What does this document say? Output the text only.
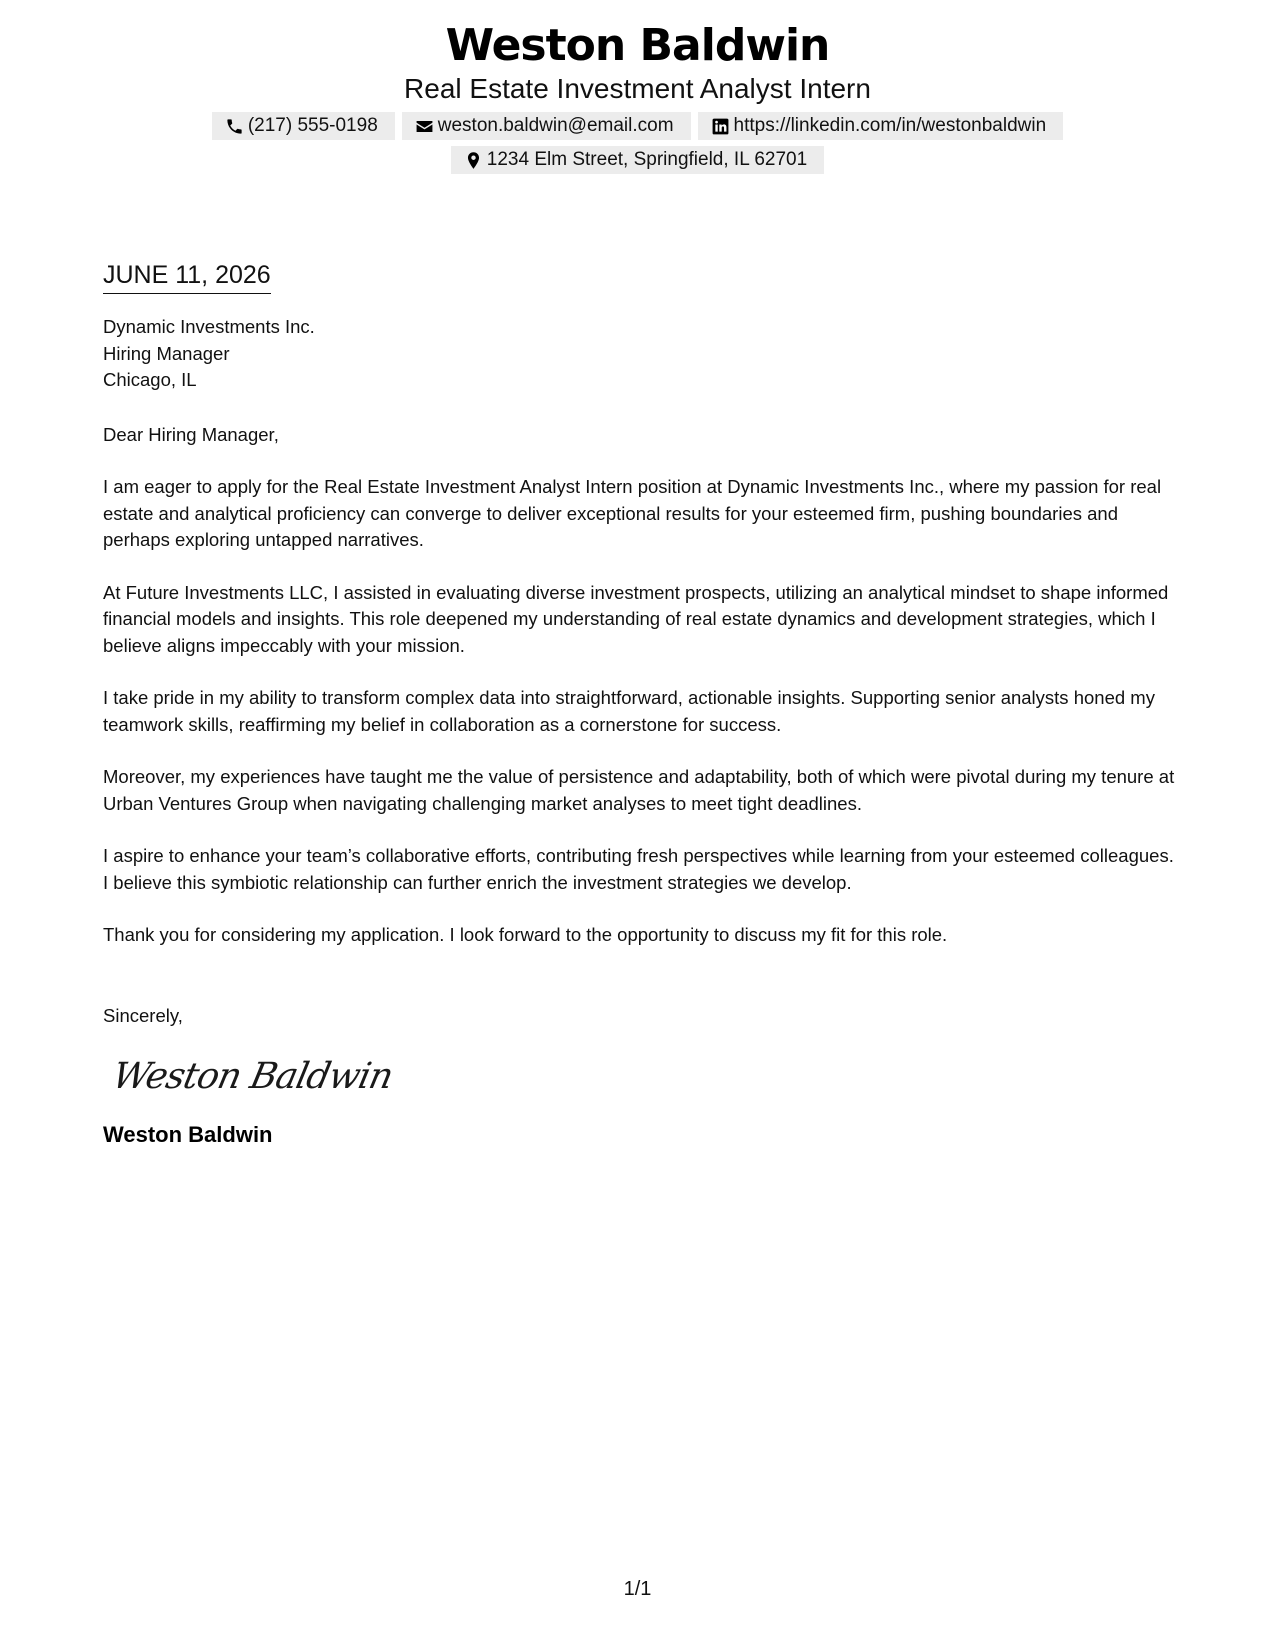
Weston Baldwin
Real Estate Investment Analyst Intern
(217) 555-0198	weston.baldwin@email.com	https://linkedin.com/in/westonbaldwin
1234 Elm Street, Springfield, IL 62701
JUNE 11, 2026
Dynamic Investments Inc.
Hiring Manager
Chicago, IL
Dear Hiring Manager,
I am eager to apply for the Real Estate Investment Analyst Intern position at Dynamic Investments Inc., where my passion for real estate and analytical proficiency can converge to deliver exceptional results for your esteemed firm, pushing boundaries and perhaps exploring untapped narratives.
At Future Investments LLC, I assisted in evaluating diverse investment prospects, utilizing an analytical mindset to shape informed financial models and insights. This role deepened my understanding of real estate dynamics and development strategies, which I believe aligns impeccably with your mission.
I take pride in my ability to transform complex data into straightforward, actionable insights. Supporting senior analysts honed my teamwork skills, reaffirming my belief in collaboration as a cornerstone for success.
Moreover, my experiences have taught me the value of persistence and adaptability, both of which were pivotal during my tenure at Urban Ventures Group when navigating challenging market analyses to meet tight deadlines.
I aspire to enhance your team’s collaborative efforts, contributing fresh perspectives while learning from your esteemed colleagues. I believe this symbiotic relationship can further enrich the investment strategies we develop.
Thank you for considering my application. I look forward to the opportunity to discuss my fit for this role.
Sincerely,
Weston Baldwin
Weston Baldwin
1/1
